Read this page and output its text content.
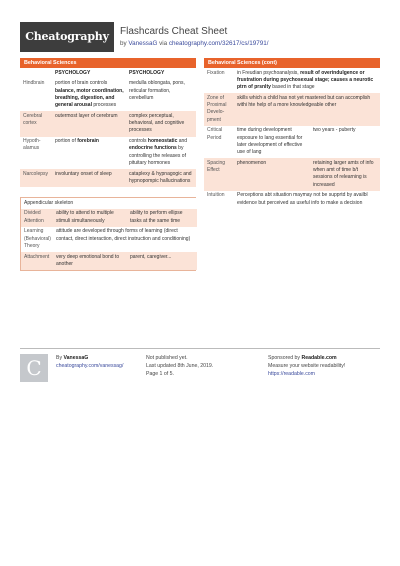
Cheatography	Flashcards Cheat Sheet
by VanessaG via cheatography.com/32617/cs/19791/
Behavioral Sciences
	PSYCHOLOGY	PSYCHOLOGY
Hindbrain	portion of brain controls balance, motor coordination, breathing, digestion, and general arousal processes	medulla oblongata, pons, reticular formation, cerebellum
Cerebral cortex	outermost layer of cerebrum	complex perceptual, behavioral, and cognitive processes
Hypothalamus	portion of forebrain	controls homeostatic and endocrine functions by controlling the releases of pituitary hormones
Narcolepsy	involuntary onset of sleep	cataplexy & hypnagogic and hypnopompic hallucinations
Appendicular skeleton		
Divided Attention	ability to attend to multiple stimuli simultaneously	ability to perform ellipse tasks at the same time
Learning (Behavioral) Theory	attitude are developed through forms of learning (direct contact, direct interaction, direct instruction and conditioning)	
Attachment	very deep emotional bond to another	parent, caregiver...
Behavioral Sciences (cont)
Fixation	in Freudian psychoanalysis, result of overindulgence or frustration during psychosexual stage; causes a neurotic ptrn of prsnlty based in that stage	
Zone of Proximal Development	skills which a child has not yet mastered but can accomplish withi hte help of a more knowledgeable other	
Critical Period	time during development exposure to lang essential for later development of effective use of lang	two years - puberty
Spacing Effect	phenomenon	retaining larger amts of info when amt of time b/t sessions of relearning is increased
Intuition	Perceptions abt situation maymay not be supprtd by availbl evidence but perceived as useful info to make a decision	
C	By VanessaG
cheatography.com/vanessag/
Not published yet.
Last updated 8th June, 2019.
Page 1 of 5.
Sponsored by Readable.com
Measure your website readability!
https://readable.com
